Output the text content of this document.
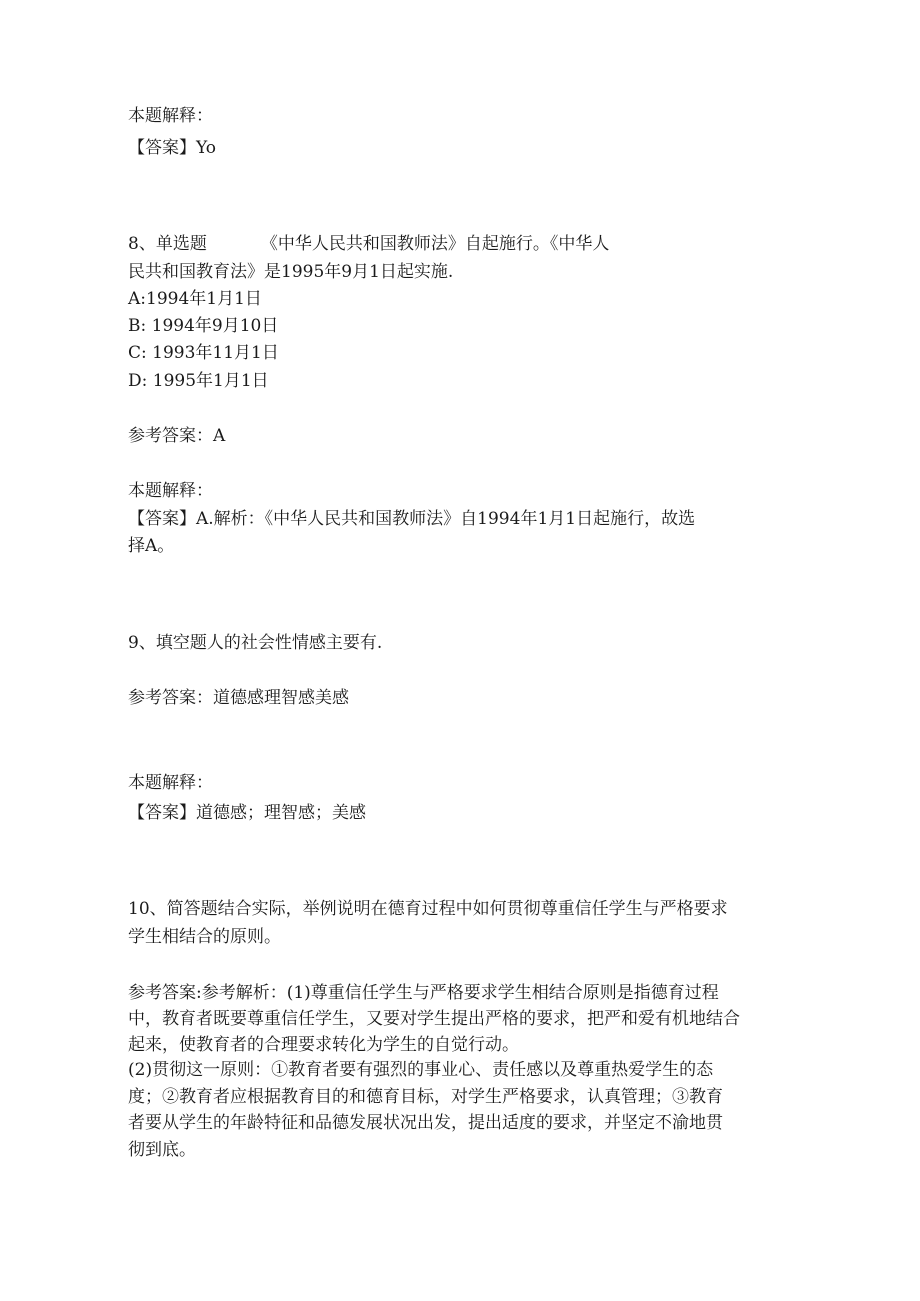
本题解释：
【答案】Yo
8、单选题	《中华人民共和国教师法》自起施行。《中华人
民共和国教育法》是1995年9月1日起实施.
A:1994年1月1日
B: 1994年9月10日
C: 1993年11月1日
D: 1995年1月1日
参考答案：A
本题解释：
【答案】A.解析：《中华人民共和国教师法》自1994年1月1日起施行，故选
择A。
9、填空题人的社会性情感主要有.
参考答案：道德感理智感美感
本题解释：
【答案】道德感；理智感；美感
10、简答题结合实际，举例说明在德育过程中如何贯彻尊重信任学生与严格要求
学生相结合的原则。
参考答案:参考解析：(1)尊重信任学生与严格要求学生相结合原则是指德育过程
中，教育者既要尊重信任学生，又要对学生提出严格的要求，把严和爱有机地结合
起来，使教育者的合理要求转化为学生的自觉行动。
(2)贯彻这一原则：①教育者要有强烈的事业心、责任感以及尊重热爱学生的态
度；②教育者应根据教育目的和德育目标，对学生严格要求，认真管理；③教育
者要从学生的年龄特征和品德发展状况出发，提出适度的要求，并坚定不渝地贯
彻到底。
